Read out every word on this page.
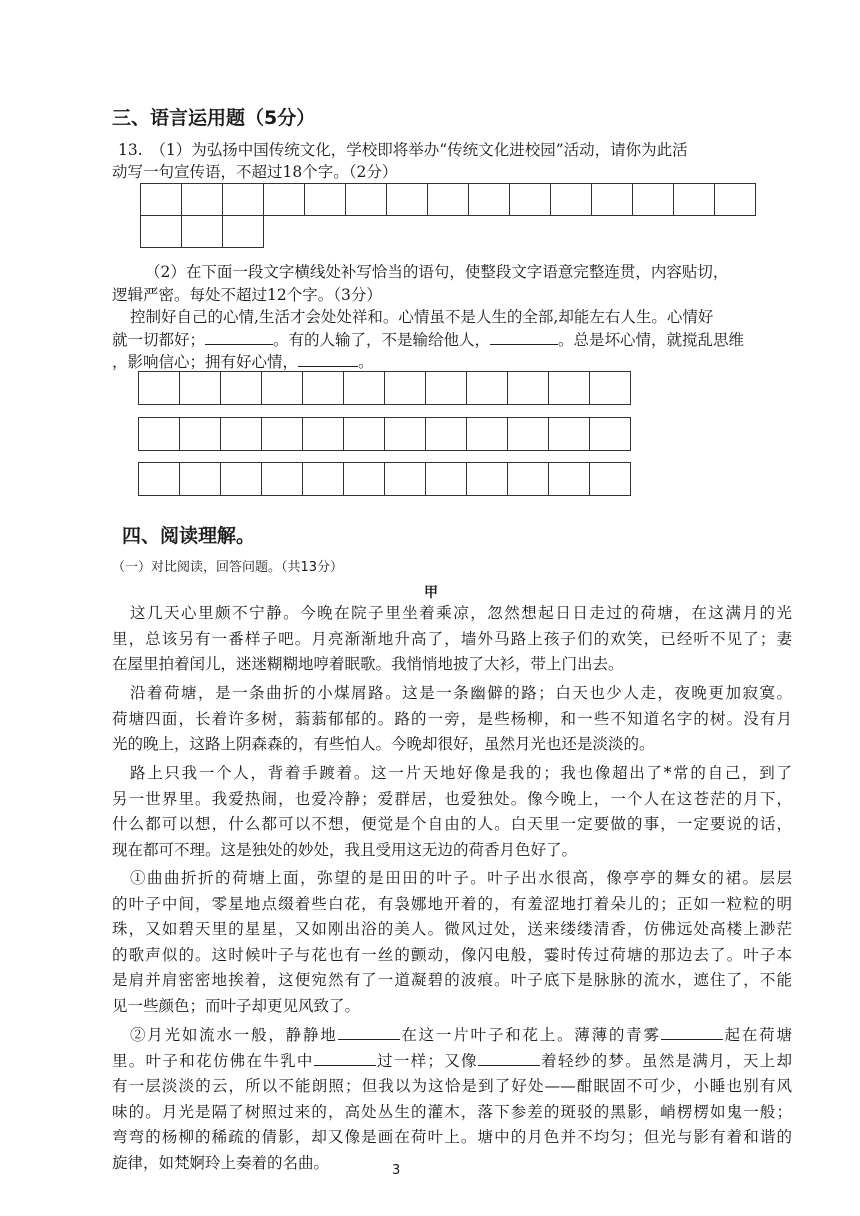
三、语言运用题（5分）
13.　（1）为弘扬中国传统文化，学校即将举办“传统文化进校园”活动，请你为此活
动写一句宣传语，不超过18个字。（2分）
（2）在下面一段文字横线处补写恰当的语句，使整段文字语意完整连贯，内容贴切，
逻辑严密。每处不超过12个字。（3分）
控制好自己的心情,生活才会处处祥和。心情虽不是人生的全部,却能左右人生。心情好
就一切都好；	。有的人输了，不是输给他人，	。总是坏心情，就搅乱思维
，影响信心；拥有好心情，	。
四、阅读理解。
（一）对比阅读，回答问题。（共13分）
甲
这几天心里颇不宁静。今晚在院子里坐着乘凉，忽然想起日日走过的荷塘，在这满月的光
里，总该另有一番样子吧。月亮渐渐地升高了，墙外马路上孩子们的欢笑，已经听不见了；妻
在屋里拍着闰儿，迷迷糊糊地哼着眠歌。我悄悄地披了大衫，带上门出去。
沿着荷塘，是一条曲折的小煤屑路。这是一条幽僻的路；白天也少人走，夜晚更加寂寞。
荷塘四面，长着许多树，蓊蓊郁郁的。路的一旁，是些杨柳，和一些不知道名字的树。没有月
光的晚上，这路上阴森森的，有些怕人。今晚却很好，虽然月光也还是淡淡的。
路上只我一个人，背着手踱着。这一片天地好像是我的；我也像超出了*常的自己，到了
另一世界里。我爱热闹，也爱冷静；爱群居，也爱独处。像今晚上，一个人在这苍茫的月下，
什么都可以想，什么都可以不想，便觉是个自由的人。白天里一定要做的事，一定要说的话，
现在都可不理。这是独处的妙处，我且受用这无边的荷香月色好了。
①曲曲折折的荷塘上面，弥望的是田田的叶子。叶子出水很高，像亭亭的舞女的裙。层层
的叶子中间，零星地点缀着些白花，有袅娜地开着的，有羞涩地打着朵儿的；正如一粒粒的明
珠，又如碧天里的星星，又如刚出浴的美人。微风过处，送来缕缕清香，仿佛远处高楼上渺茫
的歌声似的。这时候叶子与花也有一丝的颤动，像闪电般，霎时传过荷塘的那边去了。叶子本
是肩并肩密密地挨着，这便宛然有了一道凝碧的波痕。叶子底下是脉脉的流水，遮住了，不能
见一些颜色；而叶子却更见风致了。
②月光如流水一般，静静地	在这一片叶子和花上。薄薄的青雾	起在荷塘
里。叶子和花仿佛在牛乳中	过一样；又像	着轻纱的梦。虽然是满月，天上却
有一层淡淡的云，所以不能朗照；但我以为这恰是到了好处——酣眠固不可少，小睡也别有风
味的。月光是隔了树照过来的，高处丛生的灌木，落下参差的斑驳的黑影，峭楞楞如鬼一般；
弯弯的杨柳的稀疏的倩影，却又像是画在荷叶上。塘中的月色并不均匀；但光与影有着和谐的
旋律，如梵婀玲上奏着的名曲。	3
